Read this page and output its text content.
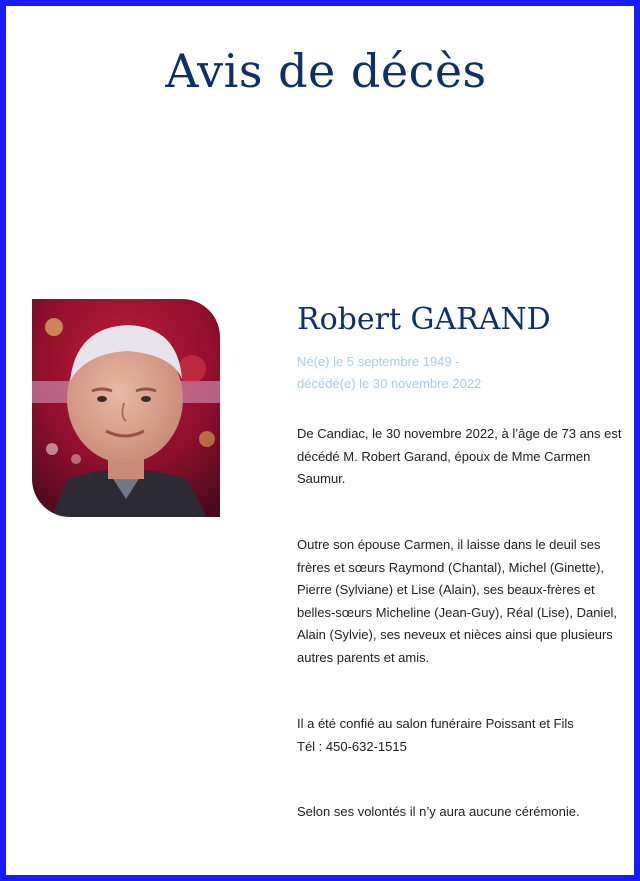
Avis de décès
Robert GARAND
Né(e) le 5 septembre 1949 -
décédé(e) le 30 novembre 2022

De Candiac, le 30 novembre 2022, à l’âge de 73 ans est décédé M. Robert Garand, époux de Mme Carmen Saumur.

Outre son épouse Carmen, il laisse dans le deuil ses frères et sœurs Raymond (Chantal), Michel (Ginette), Pierre (Sylviane) et Lise (Alain), ses beaux-frères et belles-sœurs Micheline (Jean-Guy), Réal (Lise), Daniel, Alain (Sylvie), ses neveux et nièces ainsi que plusieurs autres parents et amis.

Il a été confié au salon funéraire Poissant et Fils
Tél : 450-632-1515

Selon ses volontés il n’y aura aucune cérémonie.
